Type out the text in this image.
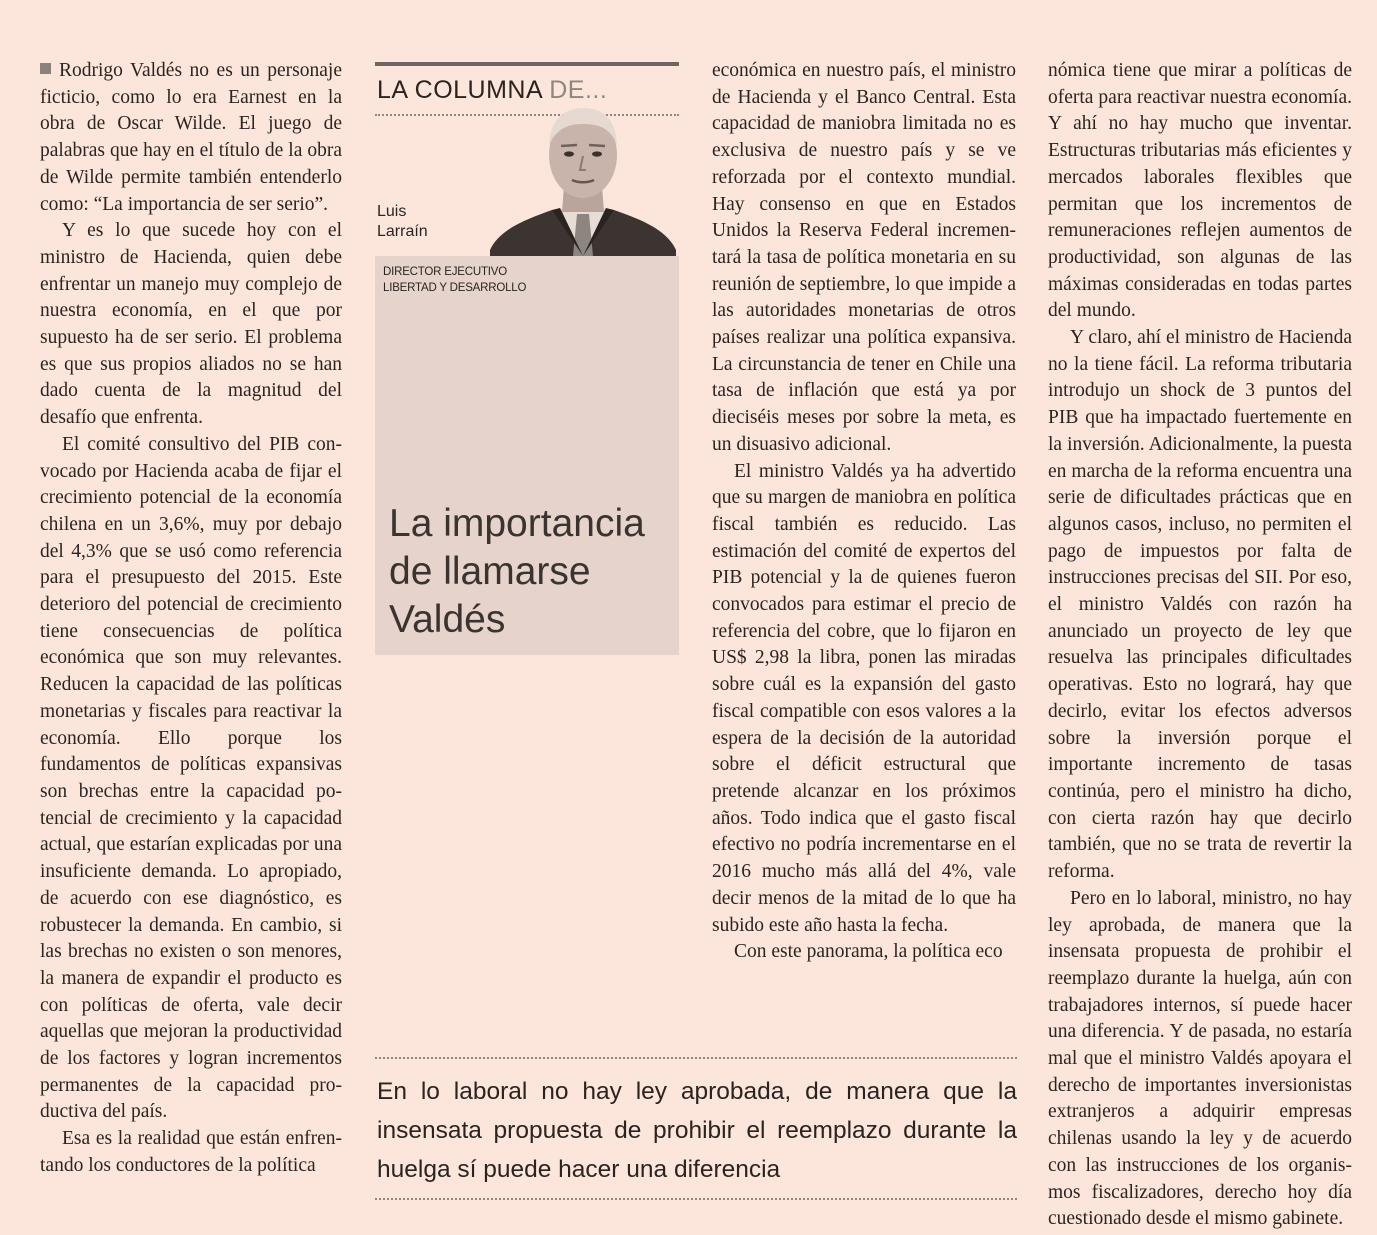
Rodrigo Valdés no es un personaje ficticio, como lo era Earnest en la obra de Oscar Wilde. El juego de palabras que hay en el título de la obra de Wilde permite también entenderlo como: “La importancia de ser serio”.

Y es lo que sucede hoy con el ministro de Hacienda, quien debe enfrentar un manejo muy complejo de nuestra economía, en el que por supuesto ha de ser serio. El problema es que sus propios aliados no se han dado cuenta de la magnitud del desafío que enfrenta.

El comité consultivo del PIB convocado por Hacienda acaba de fijar el crecimiento potencial de la economía chilena en un 3,6%, muy por debajo del 4,3% que se usó como referencia para el presupuesto del 2015. Este deterioro del potencial de crecimiento tiene consecuencias de política económica que son muy relevantes. Reducen la capacidad de las políticas monetarias y fiscales para reactivar la economía. Ello porque los fundamentos de políticas expansivas son brechas entre la capacidad potencial de crecimiento y la capacidad actual, que estarían explicadas por una insuficiente demanda. Lo apropiado, de acuerdo con ese diagnóstico, es robustecer la demanda. En cambio, si las brechas no existen o son menores, la manera de expandir el producto es con políticas de oferta, vale decir aquellas que mejoran la productividad de los factores y logran incrementos permanentes de la capacidad productiva del país.

Esa es la realidad que están enfrentando los conductores de la política

LA COLUMNA DE...
Luis
Larraín
DIRECTOR EJECUTIVO
LIBERTAD Y DESARROLLO
La importancia de llamarse Valdés

económica en nuestro país, el ministro de Hacienda y el Banco Central. Esta capacidad de maniobra limitada no es exclusiva de nuestro país y se ve reforzada por el contexto mundial. Hay consenso en que en Estados Unidos la Reserva Federal incrementará la tasa de política monetaria en su reunión de septiembre, lo que impide a las autoridades monetarias de otros países realizar una política expansiva. La circunstancia de tener en Chile una tasa de inflación que está ya por dieciséis meses por sobre la meta, es un disuasivo adicional.

El ministro Valdés ya ha advertido que su margen de maniobra en política fiscal también es reducido. Las estimación del comité de expertos del PIB potencial y la de quienes fueron convocados para estimar el precio de referencia del cobre, que lo fijaron en US$ 2,98 la libra, ponen las miradas sobre cuál es la expansión del gasto fiscal compatible con esos valores a la espera de la decisión de la autoridad sobre el déficit estructural que pretende alcanzar en los próximos años. Todo indica que el gasto fiscal efectivo no podría incrementarse en el 2016 mucho más allá del 4%, vale decir menos de la mitad de lo que ha subido este año hasta la fecha.

Con este panorama, la política eco

nómica tiene que mirar a políticas de oferta para reactivar nuestra economía. Y ahí no hay mucho que inventar. Estructuras tributarias más eficientes y mercados laborales flexibles que permitan que los incrementos de remuneraciones reflejen aumentos de productividad, son algunas de las máximas consideradas en todas partes del mundo.

Y claro, ahí el ministro de Hacienda no la tiene fácil. La reforma tributaria introdujo un shock de 3 puntos del PIB que ha impactado fuertemente en la inversión. Adicionalmente, la puesta en marcha de la reforma encuentra una serie de dificultades prácticas que en algunos casos, incluso, no permiten el pago de impuestos por falta de instrucciones precisas del SII. Por eso, el ministro Valdés con razón ha anunciado un proyecto de ley que resuelva las principales dificultades operativas. Esto no logrará, hay que decirlo, evitar los efectos adversos sobre la inversión porque el importante incremento de tasas continúa, pero el ministro ha dicho, con cierta razón hay que decirlo también, que no se trata de revertir la reforma.

Pero en lo laboral, ministro, no hay ley aprobada, de manera que la insensata propuesta de prohibir el reemplazo durante la huelga, aún con trabajadores internos, sí puede hacer una diferencia. Y de pasada, no estaría mal que el ministro Valdés apoyara el derecho de importantes inversionistas extranjeros a adquirir empresas chilenas usando la ley y de acuerdo con las instrucciones de los organismos fiscalizadores, derecho hoy día cuestionado desde el mismo gabinete.

En lo laboral no hay ley aprobada, de manera que la insensata propuesta de prohibir el reemplazo durante la huelga sí puede hacer una diferencia
